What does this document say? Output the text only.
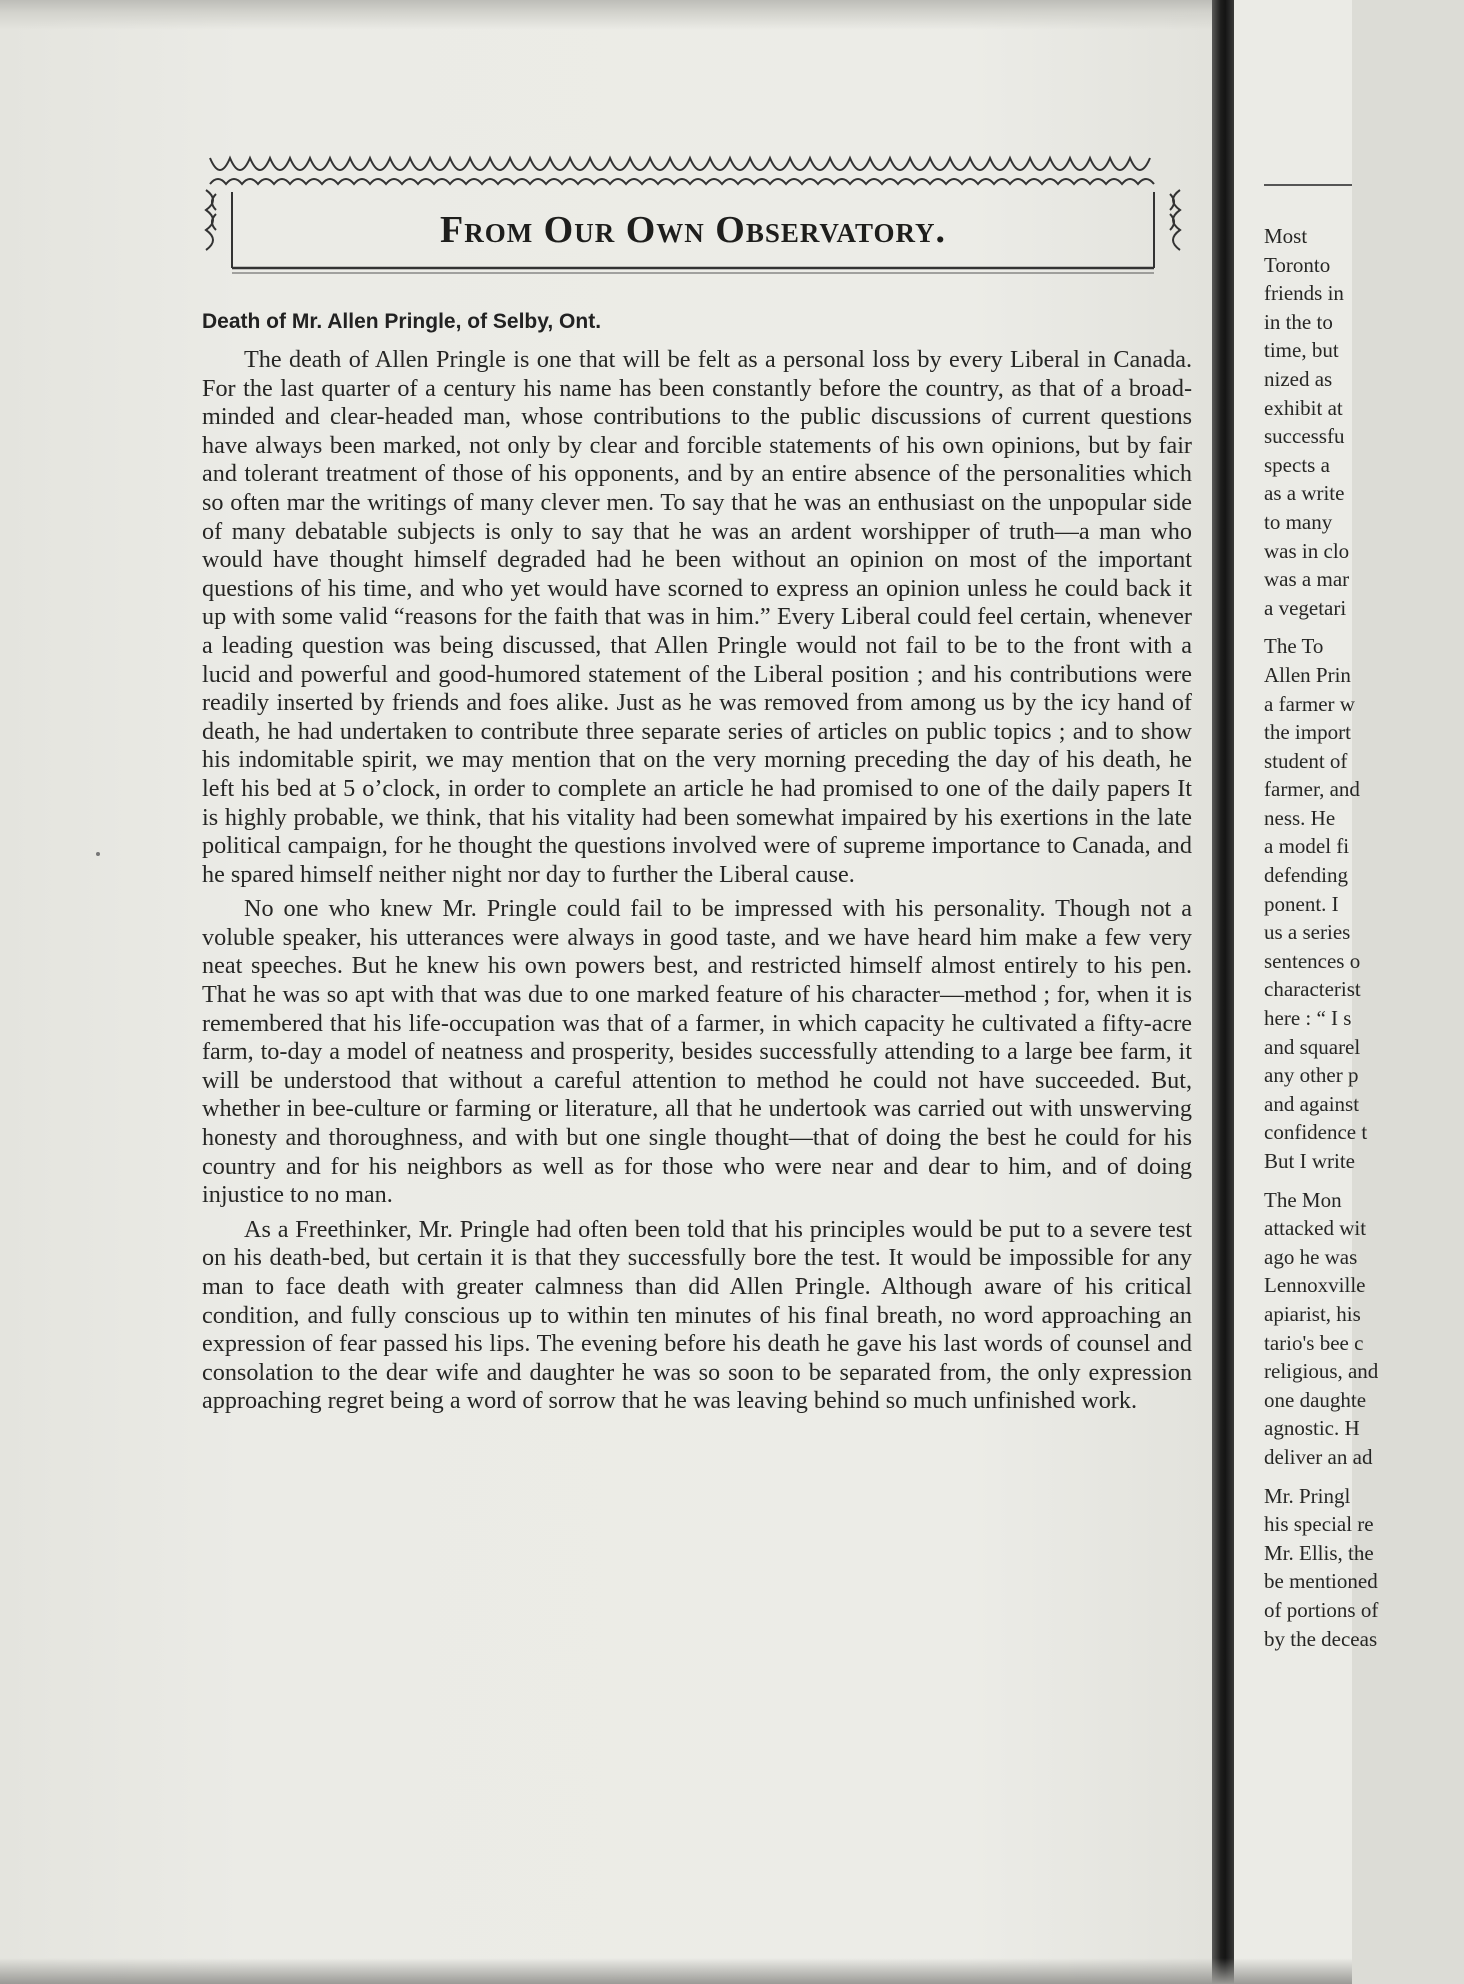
From Our Own Observatory.
Death of Mr. Allen Pringle, of Selby, Ont.

The death of Allen Pringle is one that will be felt as a personal loss by every Liberal in Canada. For the last quarter of a century his name has been constantly before the country, as that of a broad-minded and clear-headed man, whose contributions to the public discussions of current questions have always been marked, not only by clear and forcible statements of his own opinions, but by fair and tolerant treatment of those of his opponents, and by an entire absence of the personalities which so often mar the writings of many clever men. To say that he was an enthusiast on the unpopular side of many debatable subjects is only to say that he was an ardent worshipper of truth—a man who would have thought himself degraded had he been without an opinion on most of the important questions of his time, and who yet would have scorned to express an opinion unless he could back it up with some valid “reasons for the faith that was in him.” Every Liberal could feel certain, whenever a leading question was being discussed, that Allen Pringle would not fail to be to the front with a lucid and powerful and good-humored statement of the Liberal position ; and his contributions were readily inserted by friends and foes alike. Just as he was removed from among us by the icy hand of death, he had undertaken to contribute three separate series of articles on public topics ; and to show his indomitable spirit, we may mention that on the very morning preceding the day of his death, he left his bed at 5 o’clock, in order to complete an article he had promised to one of the daily papers It is highly probable, we think, that his vitality had been somewhat impaired by his exertions in the late political campaign, for he thought the questions involved were of supreme importance to Canada, and he spared himself neither night nor day to further the Liberal cause.

No one who knew Mr. Pringle could fail to be impressed with his personality. Though not a voluble speaker, his utterances were always in good taste, and we have heard him make a few very neat speeches. But he knew his own powers best, and restricted himself almost entirely to his pen. That he was so apt with that was due to one marked feature of his character—method ; for, when it is remembered that his life-occupation was that of a farmer, in which capacity he cultivated a fifty-acre farm, to-day a model of neatness and prosperity, besides successfully attending to a large bee farm, it will be understood that without a careful attention to method he could not have succeeded. But, whether in bee-culture or farming or literature, all that he undertook was carried out with unswerving honesty and thoroughness, and with but one single thought—that of doing the best he could for his country and for his neighbors as well as for those who were near and dear to him, and of doing injustice to no man.

As a Freethinker, Mr. Pringle had often been told that his principles would be put to a severe test on his death-bed, but certain it is that they successfully bore the test. It would be impossible for any man to face death with greater calmness than did Allen Pringle. Although aware of his critical condition, and fully conscious up to within ten minutes of his final breath, no word approaching an expression of fear passed his lips. The evening before his death he gave his last words of counsel and consolation to the dear wife and daughter he was so soon to be separated from, the only expression approaching regret being a word of sorrow that he was leaving behind so much unfinished work.

Most
Toronto
friends in
in the to
time, but
nized as
exhibit at
successfu
spects a
as a write
to many
was in clo
was a mar
a vegetari
The To
Allen Prin
a farmer w
the import
student of
farmer, and
ness. He
a model fi
defending
ponent. I
us a series
sentences o
characterist
here : “ I s
and squarel
any other p
and against
confidence t
But I write
The Mon
attacked wit
ago he was
Lennoxville
apiarist, his
tario's bee c
religious, and
one daughte
agnostic. H
deliver an ad
Mr. Pringl
his special re
Mr. Ellis, the
be mentioned
of portions of
by the deceas
